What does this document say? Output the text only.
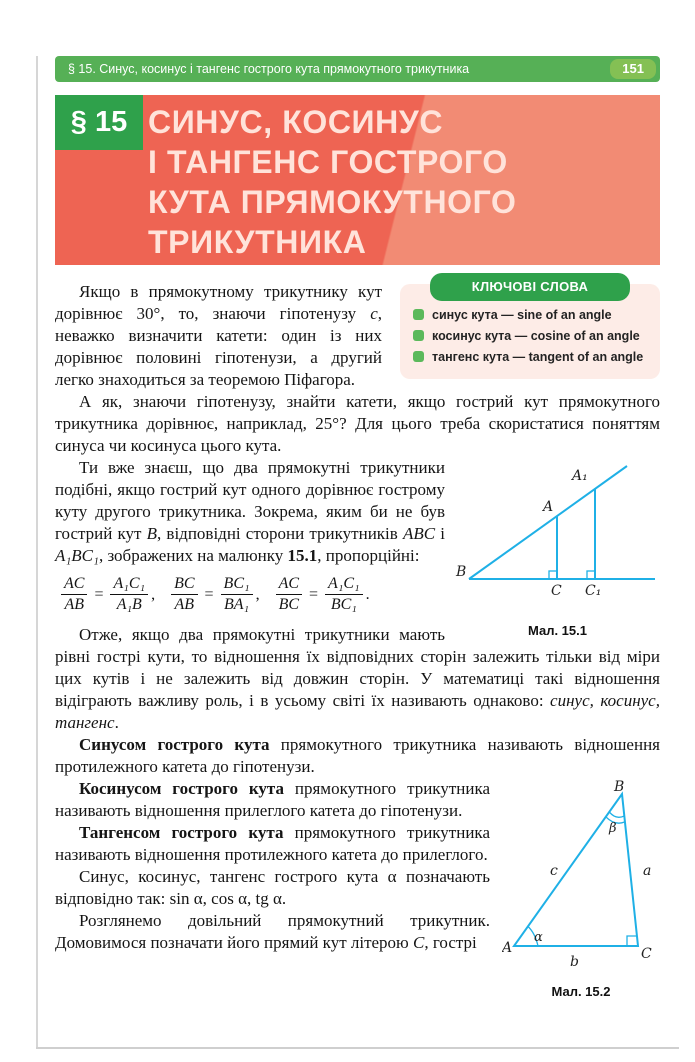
§ 15. Синус, косинус і тангенс гострого кута прямокутного трикутника	151
§ 15 СИНУС, КОСИНУС
І ТАНГЕНС ГОСТРОГО
КУТА ПРЯМОКУТНОГО
ТРИКУТНИКА
КЛЮЧОВІ СЛОВА
синус кута — sine of an angle
косинус кута — cosine of an angle
тангенс кута — tangent of an angle

Якщо в прямокутному трикутнику кут дорівнює 30°, то, знаючи гіпотенузу c, неважко визначити катети: один із них дорівнює половині гіпотенузи, а другий легко знаходиться за теоремою Піфагора.

А як, знаючи гіпотенузу, знайти катети, якщо гострий кут прямокутного трикутника дорівнює, наприклад, 25°? Для цього треба скористатися поняттям синуса чи косинуса цього кута.

B
C C₁
A
A₁
Мал. 15.1

Ти вже знаєш, що два прямокутні трикутники подібні, якщо гострий кут одного дорівнює гострому куту другого трикутника. Зокрема, яким би не був гострий кут B, відповідні сторони трикутників ABC і A₁BC₁, зображених на малюнку 15.1, пропорційні:

$\frac{AC}{AB} = \frac{\text{A₁C₁}}{\text{A₁B}}$ , $\frac{BC}{AB} = \frac{\text{BC₁}}{\text{BA₁}}$ , $\frac{AC}{BC} = \frac{\text{A₁C₁}}{\text{BC₁}}$ .

Отже, якщо два прямокутні трикутники мають рівні гострі кути, то відношення їх відповідних сторін залежить тільки від міри цих кутів і не залежить від довжин сторін. У математиці такі відношення відіграють важливу роль, і в усьому світі їх називають однаково: синус, косинус, тангенс.

Синусом гострого кута прямокутного трикутника називають відношення протилежного катета до гіпотенузи.

A
B
C
α
β
c	a
b
Мал. 15.2

Косинусом гострого кута прямокутного трикутника називають відношення прилеглого катета до гіпотенузи.

Тангенсом гострого кута прямокутного трикутника називають відношення протилежного катета до прилеглого.

Синус, косинус, тангенс гострого кута α позначають відповідно так: sin α, cos α, tg α.

Розглянемо довільний прямокутний трикутник. Домовимося позначати його прямий кут літерою C, гострі
